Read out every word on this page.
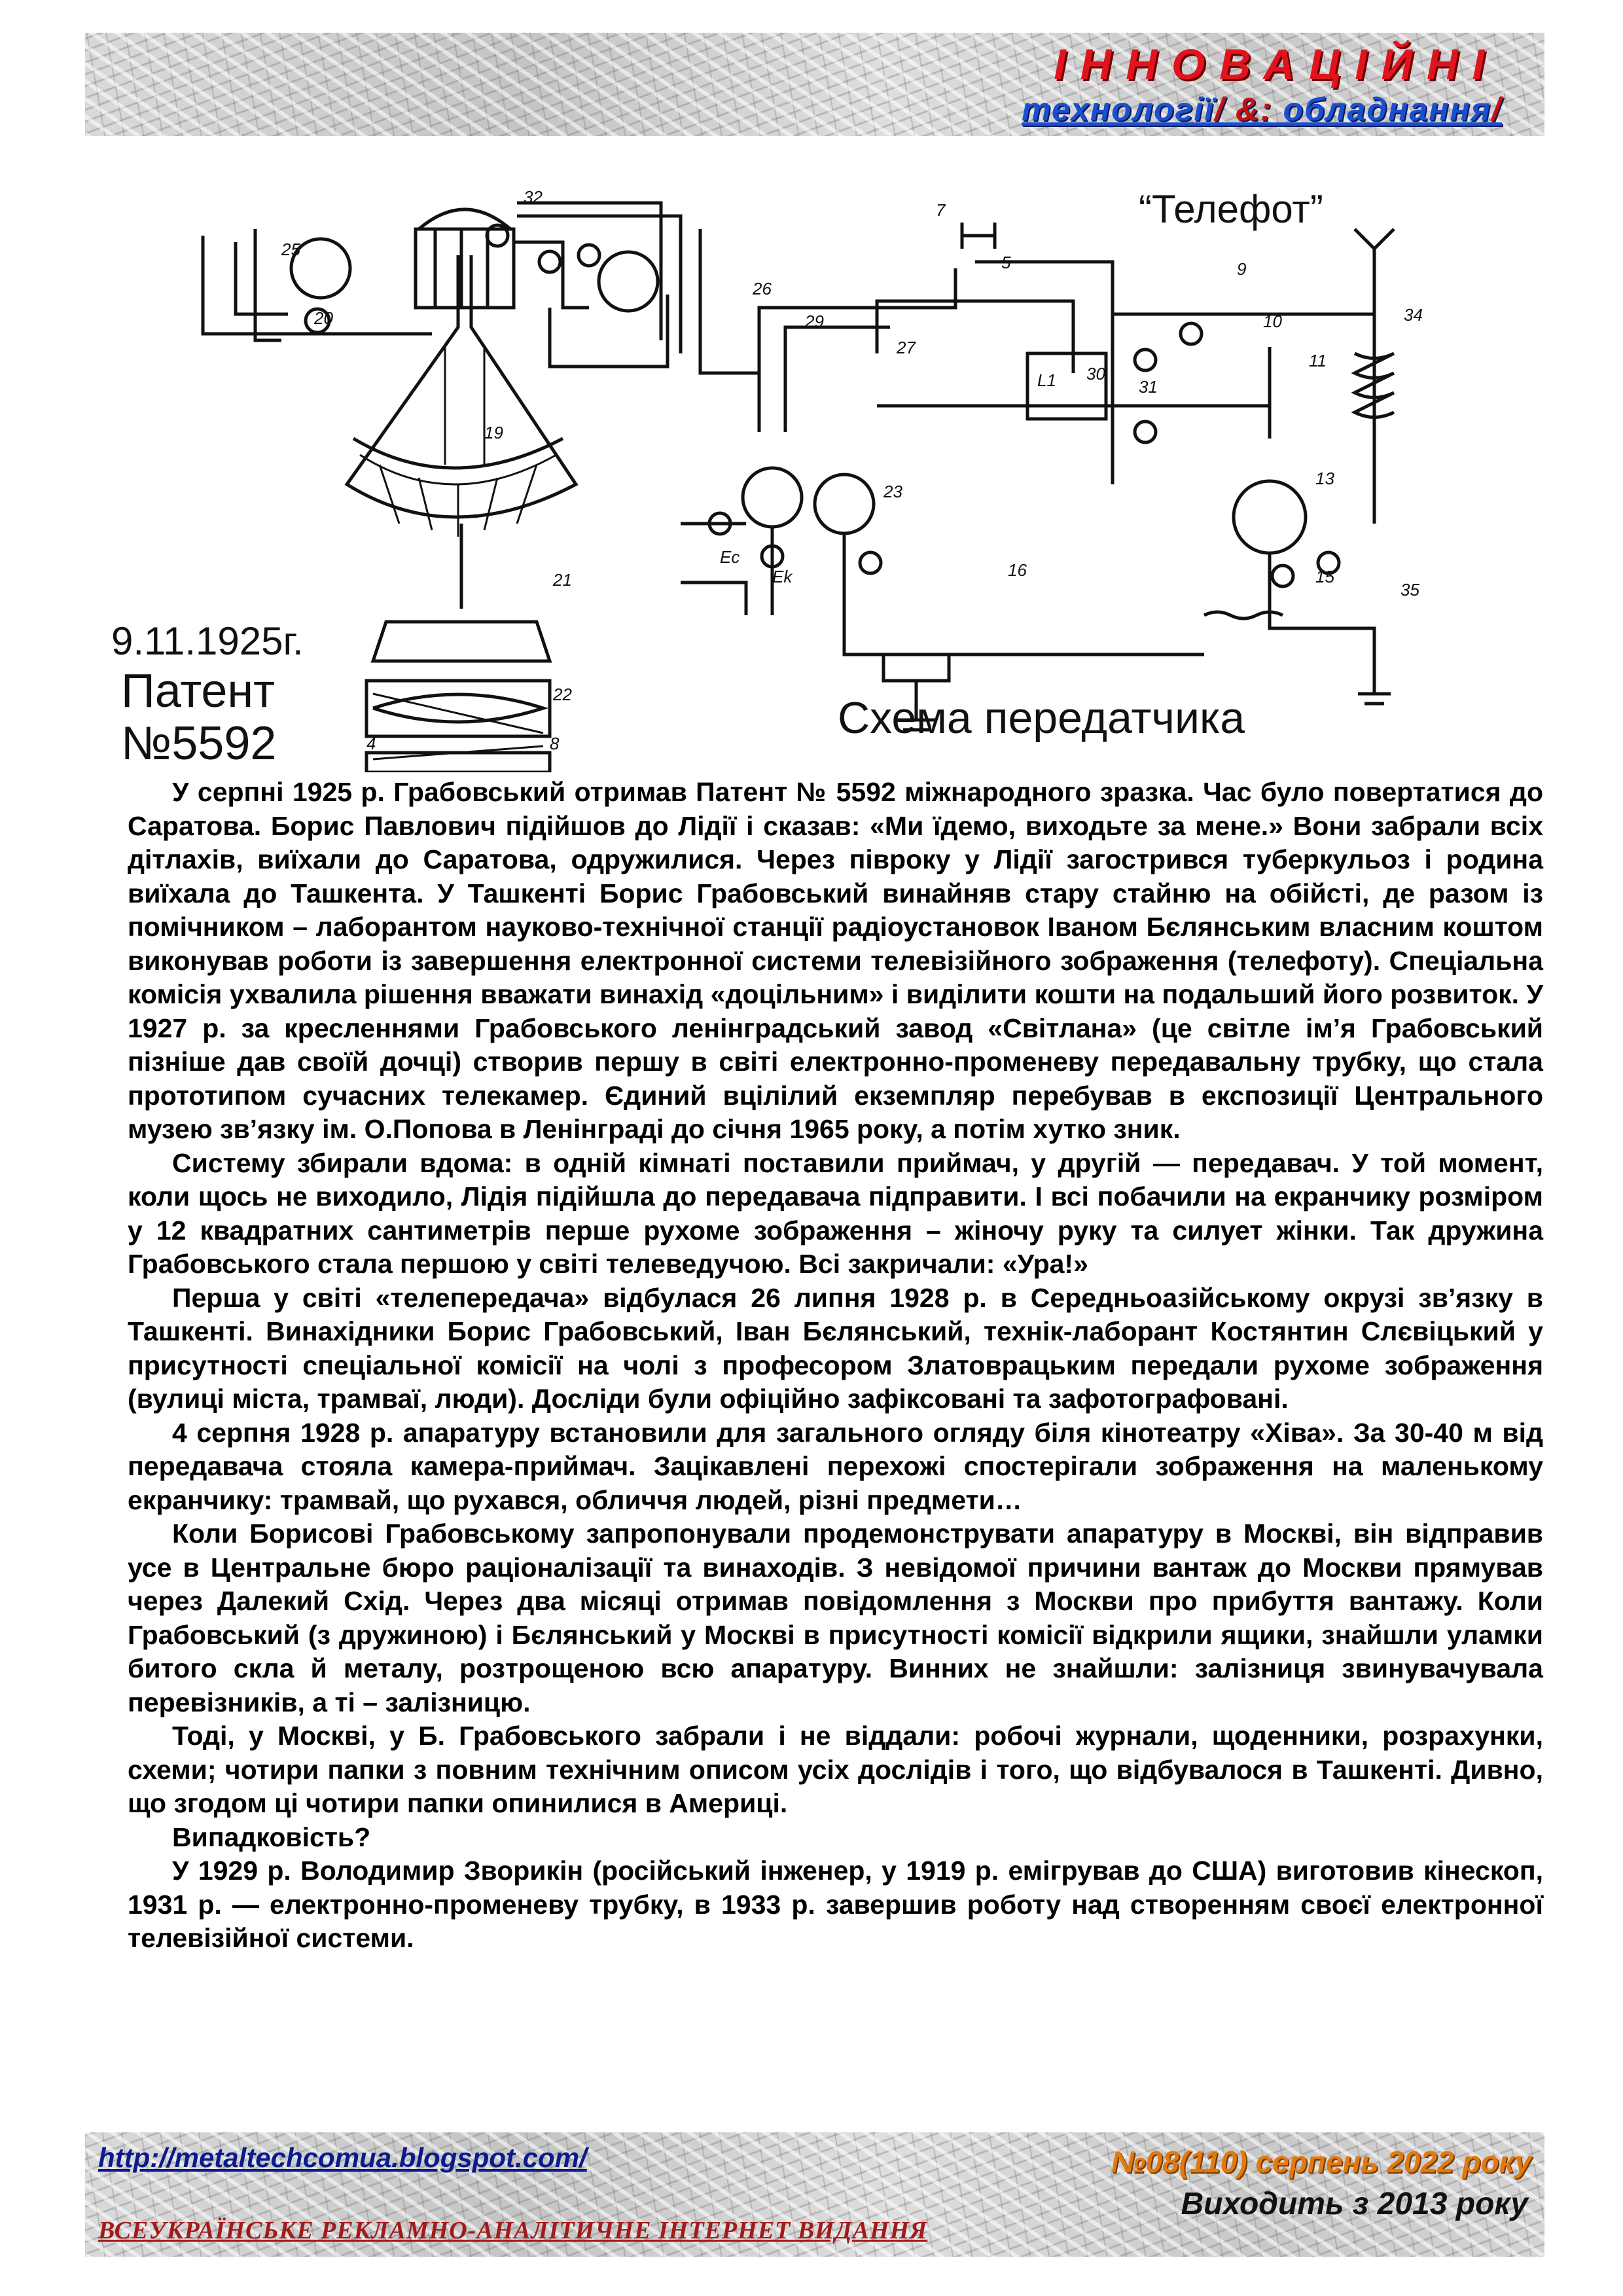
ІННОВАЦІЙНІ
технології/ &: обладнання/
32
25
20
26
29
27
7
5	9
10
11
34
13
23
16	15
35
19
22
21
4	8
Ec
Ek
L1 30
31
“Телефот”
9.11.1925г.
Патент
№5592	Схема передатчика

У серпні 1925 р. Грабовський отримав Патент № 5592 міжнародного зразка. Час було повертатися до Саратова. Борис Павлович підійшов до Лідії і сказав: «Ми їдемо, виходьте за мене.» Вони забрали всіх дітлахів, виїхали до Саратова, одружилися. Через півроку у Лідії загострився туберкульоз і родина виїхала до Ташкента. У Ташкенті Борис Грабовський винайняв стару стайню на обійсті, де разом із помічником – лаборантом науково-технічної станції радіоустановок Іваном Бєлянським власним коштом виконував роботи із завершення електронної системи телевізійного зображення (телефоту). Спеціальна комісія ухвалила рішення вважати винахід «доцільним» і виділити кошти на подальший його розвиток. У 1927 р. за кресленнями Грабовського ленінградський завод «Світлана» (це світле ім’я Грабовський пізніше дав своїй дочці) створив першу в світі електронно-променеву передавальну трубку, що стала прототипом сучасних телекамер. Єдиний вцілілий екземпляр перебував в експозиції Центрального музею зв’язку ім. О.Попова в Ленінграді до січня 1965 року, а потім хутко зник.

Систему збирали вдома: в одній кімнаті поставили приймач, у другій — передавач. У той момент, коли щось не виходило, Лідія підійшла до передавача підправити. І всі побачили на екранчику розміром у 12 квадратних сантиметрів перше рухоме зображення – жіночу руку та силует жінки. Так дружина Грабовського стала першою у світі телеведучою. Всі закричали: «Ура!»

Перша у світі «телепередача» відбулася 26 липня 1928 р. в Середньоазійському окрузі зв’язку в Ташкенті. Винахідники Борис Грабовський, Іван Бєлянський, технік-лаборант Костянтин Слєвіцький у присутності спеціальної комісії на чолі з професором Златоврацьким передали рухоме зображення (вулиці міста, трамваї, люди). Досліди були офіційно зафіксовані та зафотографовані.

4 серпня 1928 р. апаратуру встановили для загального огляду біля кінотеатру «Хіва». За 30-40 м від передавача стояла камера-приймач. Зацікавлені перехожі спостерігали зображення на маленькому екранчику: трамвай, що рухався, обличчя людей, різні предмети…

Коли Борисові Грабовському запропонували продемонструвати апаратуру в Москві, він відправив усе в Центральне бюро раціоналізації та винаходів. З невідомої причини вантаж до Москви прямував через Далекий Схід. Через два місяці отримав повідомлення з Москви про прибуття вантажу. Коли Грабовський (з дружиною) і Бєлянський у Москві в присутності комісії відкрили ящики, знайшли уламки битого скла й металу, розтрощеною всю апаратуру. Винних не знайшли: залізниця звинувачувала перевізників, а ті – залізницю.

Тоді, у Москві, у Б. Грабовського забрали і не віддали: робочі журнали, щоденники, розрахунки, схеми; чотири папки з повним технічним описом усіх дослідів і того, що відбувалося в Ташкенті. Дивно, що згодом ці чотири папки опинилися в Америці.

Випадковість?

У 1929 р. Володимир Зворикін (російський інженер, у 1919 р. емігрував до США) виготовив кінескоп, 1931 р. — електронно-променеву трубку, в 1933 р. завершив роботу над створенням своєї електронної телевізійної системи.

http://metaltechcomua.blogspot.com/
ВСЕУКРАЇНСЬКЕ РЕКЛАМНО-АНАЛІТИЧНЕ ІНТЕРНЕТ ВИДАННЯ
№08(110) серпень 2022 року
Виходить з 2013 року
